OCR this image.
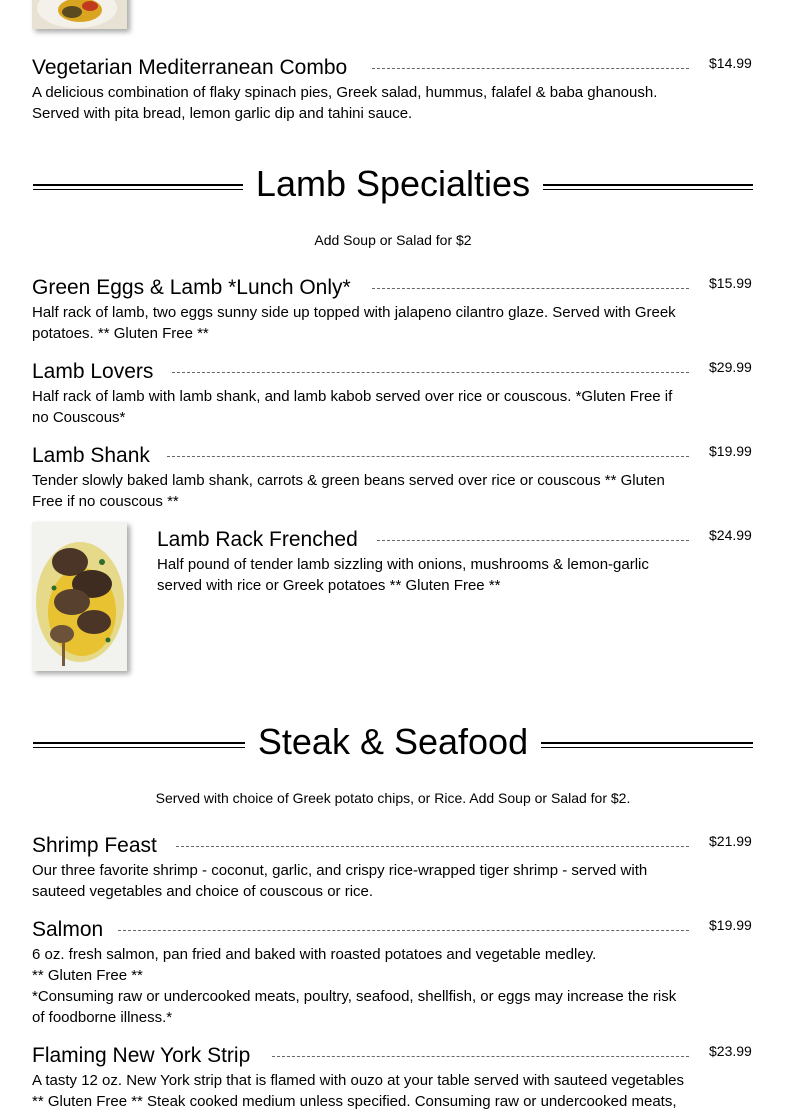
Vegetarian Mediterranean Combo	$14.99
A delicious combination of flaky spinach pies, Greek salad, hummus, falafel & baba ghanoush. Served with pita bread, lemon garlic dip and tahini sauce.
Lamb Specialties
Add Soup or Salad for $2
Green Eggs & Lamb *Lunch Only*	$15.99
Half rack of lamb, two eggs sunny side up topped with jalapeno cilantro glaze. Served with Greek potatoes. ** Gluten Free **
Lamb Lovers	$29.99
Half rack of lamb with lamb shank, and lamb kabob served over rice or couscous. *Gluten Free if no Couscous*
Lamb Shank	$19.99
Tender slowly baked lamb shank, carrots & green beans served over rice or couscous ** Gluten Free if no couscous **
Lamb Rack Frenched	$24.99
Half pound of tender lamb sizzling with onions, mushrooms & lemon-garlic served with rice or Greek potatoes ** Gluten Free **
Steak & Seafood
Served with choice of Greek potato chips, or Rice. Add Soup or Salad for $2.
Shrimp Feast	$21.99
Our three favorite shrimp - coconut, garlic, and crispy rice-wrapped tiger shrimp - served with sauteed vegetables and choice of couscous or rice.
Salmon	$19.99
6 oz. fresh salmon, pan fried and baked with roasted potatoes and vegetable medley.
** Gluten Free **
*Consuming raw or undercooked meats, poultry, seafood, shellfish, or eggs may increase the risk of foodborne illness.*
Flaming New York Strip	$23.99
A tasty 12 oz. New York strip that is flamed with ouzo at your table served with sauteed vegetables ** Gluten Free ** Steak cooked medium unless specified. Consuming raw or undercooked meats,
